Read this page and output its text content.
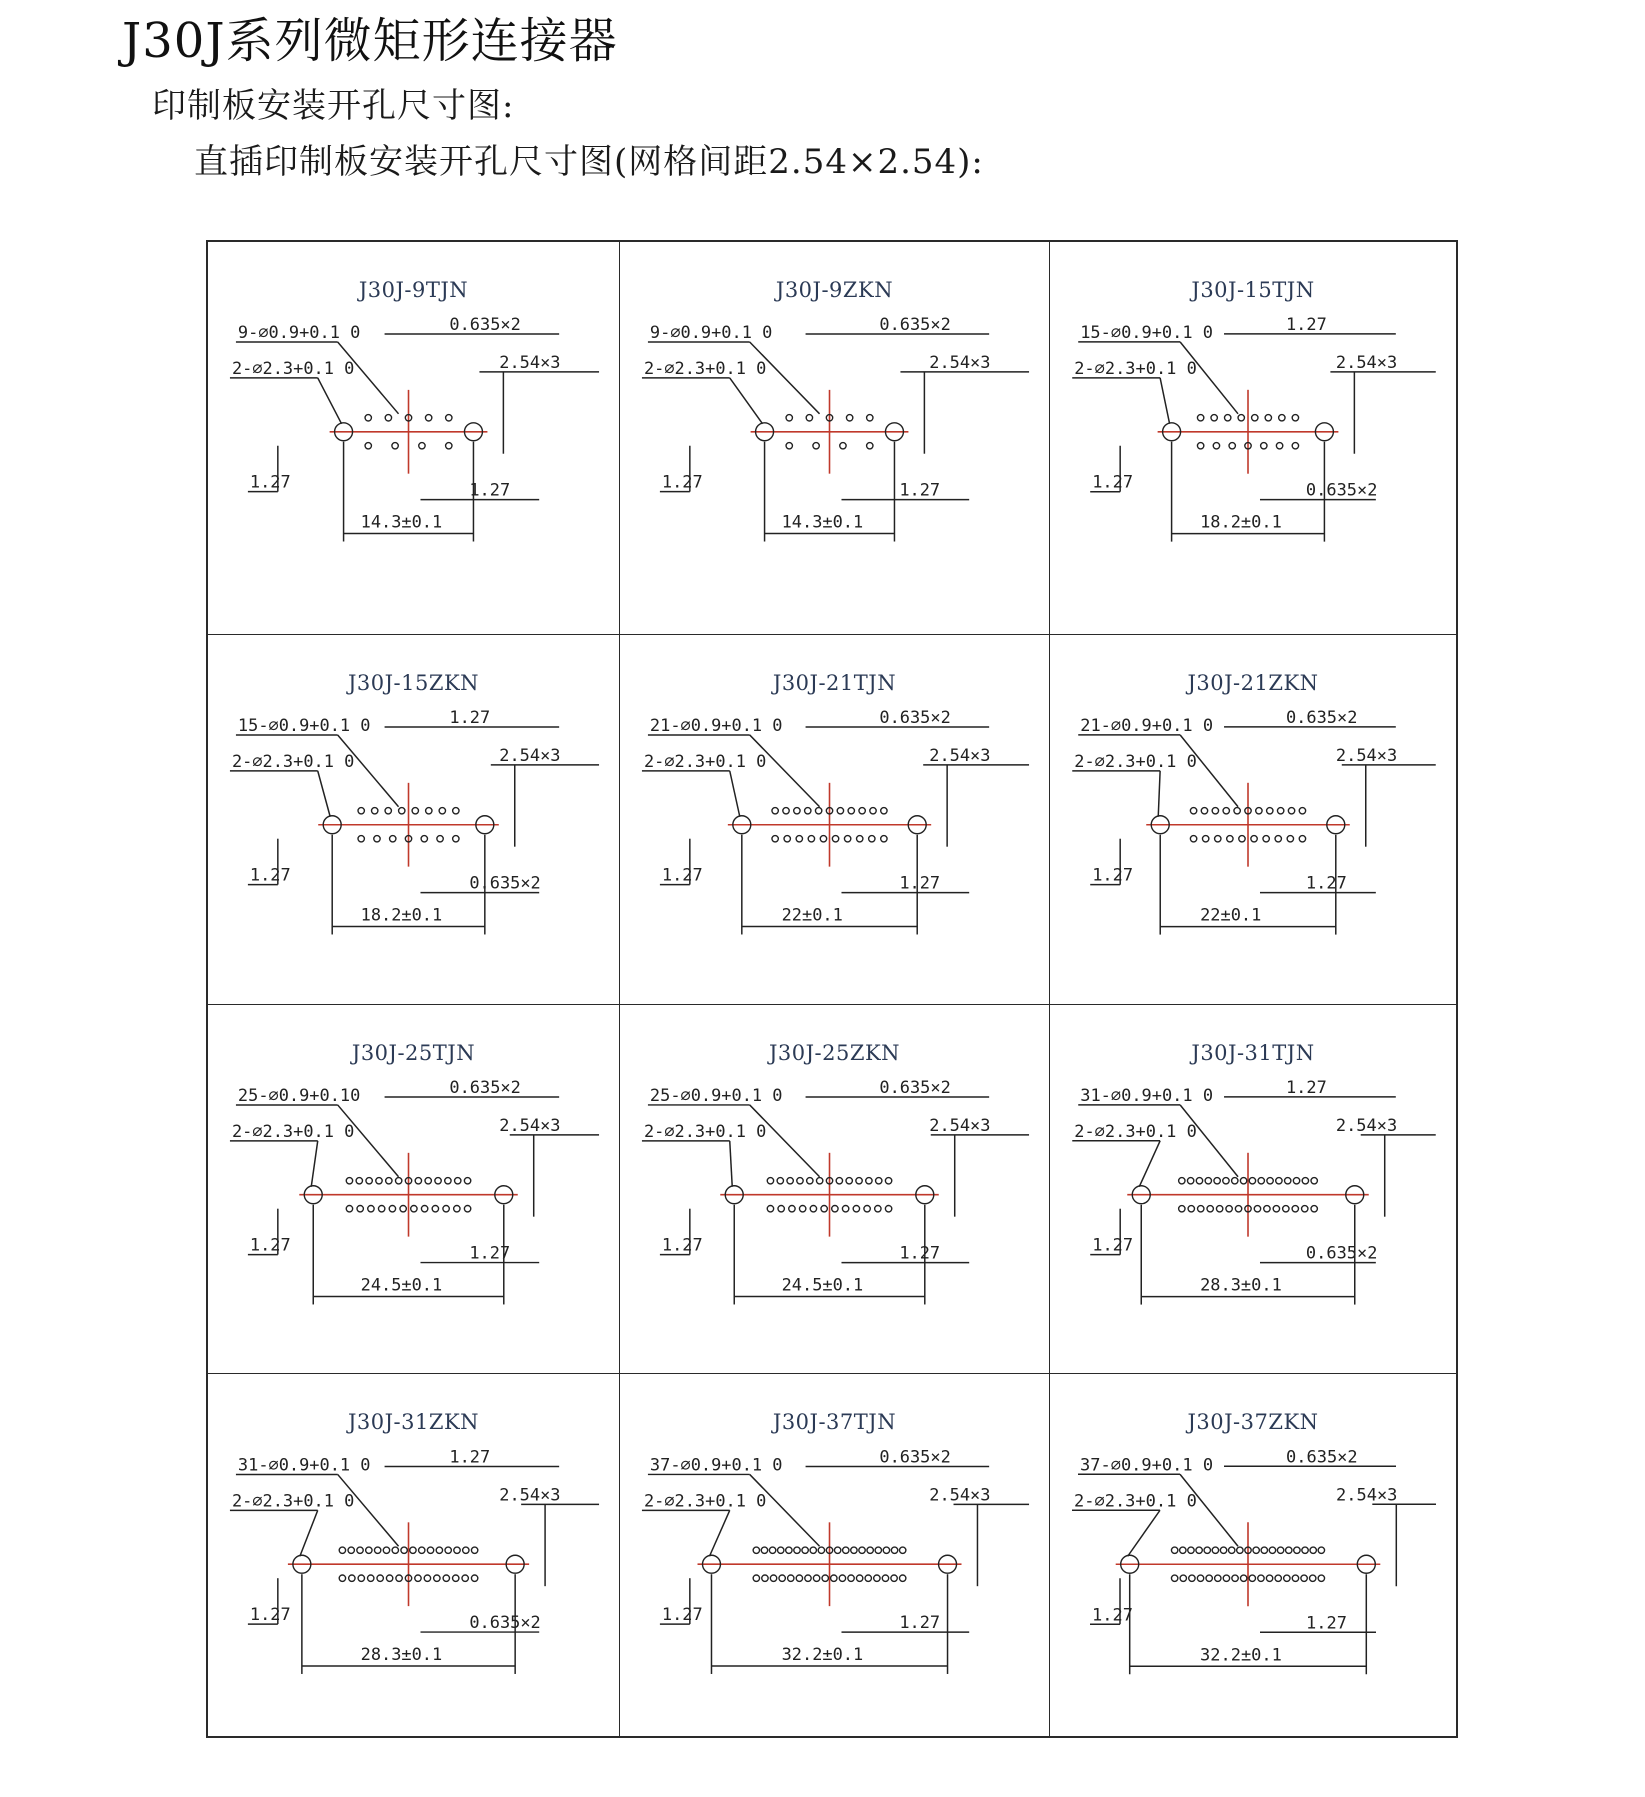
J30J系列微矩形连接器
印制板安装开孔尺寸图:
直插印制板安装开孔尺寸图(网格间距2.54×2.54):
J30J-9TJN
9-⌀0.9+0.1 0
2-⌀2.3+0.1 0
0.635×2
2.54×3
1.27	1.27
14.3±0.1
J30J-9ZKN
9-⌀0.9+0.1 0
2-⌀2.3+0.1 0
0.635×2
2.54×3
1.27	1.27
14.3±0.1
J30J-15TJN
15-⌀0.9+0.1 0
2-⌀2.3+0.1 0
1.27
2.54×3
1.27	0.635×2
18.2±0.1
J30J-15ZKN
15-⌀0.9+0.1 0
2-⌀2.3+0.1 0
1.27
2.54×3
1.27	0.635×2
18.2±0.1
J30J-21TJN
21-⌀0.9+0.1 0
2-⌀2.3+0.1 0
0.635×2
2.54×3
1.27	1.27
22±0.1
J30J-21ZKN
21-⌀0.9+0.1 0
2-⌀2.3+0.1 0
0.635×2
2.54×3
1.27	1.27
22±0.1
J30J-25TJN
25-⌀0.9+0.10
2-⌀2.3+0.1 0
0.635×2
2.54×3
1.27	1.27
24.5±0.1
J30J-25ZKN
25-⌀0.9+0.1 0
2-⌀2.3+0.1 0
0.635×2
2.54×3
1.27	1.27
24.5±0.1
J30J-31TJN
31-⌀0.9+0.1 0
2-⌀2.3+0.1 0
1.27
2.54×3
1.27	0.635×2
28.3±0.1
J30J-31ZKN
31-⌀0.9+0.1 0
2-⌀2.3+0.1 0
1.27
2.54×3
1.27	0.635×2
28.3±0.1
J30J-37TJN
37-⌀0.9+0.1 0
2-⌀2.3+0.1 0
0.635×2
2.54×3
1.27	1.27
32.2±0.1
J30J-37ZKN
37-⌀0.9+0.1 0
2-⌀2.3+0.1 0
0.635×2
2.54×3
1.27	1.27
32.2±0.1
